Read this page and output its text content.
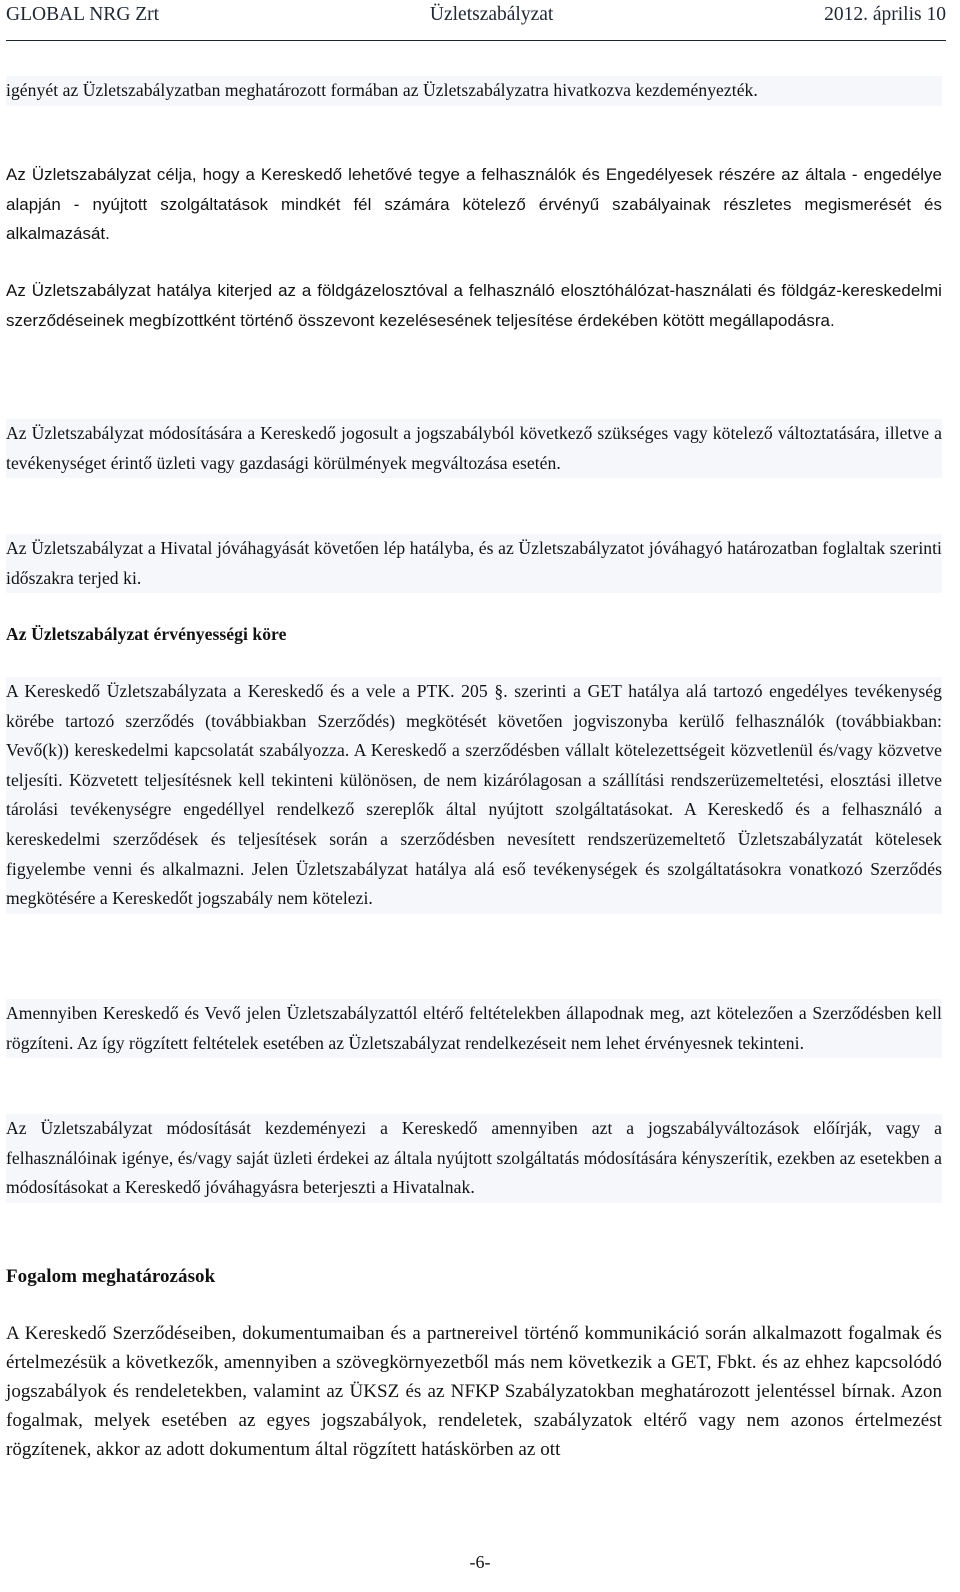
GLOBAL NRG Zrt	Üzletszabályzat	2012. április 10
igényét az Üzletszabályzatban meghatározott formában az Üzletszabályzatra hivatkozva kezdeményezték.
Az Üzletszabályzat célja, hogy a Kereskedő lehetővé tegye a felhasználók és Engedélyesek részére az általa - engedélye alapján - nyújtott szolgáltatások mindkét fél számára kötelező érvényű szabályainak részletes megismerését és alkalmazását.
Az Üzletszabályzat hatálya kiterjed az a földgázelosztóval a felhasználó elosztóhálózat-használati és földgáz-kereskedelmi szerződéseinek megbízottként történő összevont kezelésesének teljesítése érdekében kötött megállapodásra.
Az Üzletszabályzat módosítására a Kereskedő jogosult a jogszabályból következő szükséges vagy kötelező változtatására, illetve a tevékenységet érintő üzleti vagy gazdasági körülmények megváltozása esetén.
Az Üzletszabályzat a Hivatal jóváhagyását követően lép hatályba, és az Üzletszabályzatot jóváhagyó határozatban foglaltak szerinti időszakra terjed ki.
Az Üzletszabályzat érvényességi köre
A Kereskedő Üzletszabályzata a Kereskedő és a vele a PTK. 205 §. szerinti a GET hatálya alá tartozó engedélyes tevékenység körébe tartozó szerződés (továbbiakban Szerződés) megkötését követően jogviszonyba kerülő felhasználók (továbbiakban: Vevő(k)) kereskedelmi kapcsolatát szabályozza. A Kereskedő a szerződésben vállalt kötelezettségeit közvetlenül és/vagy közvetve teljesíti. Közvetett teljesítésnek kell tekinteni különösen, de nem kizárólagosan a szállítási rendszerüzemeltetési, elosztási illetve tárolási tevékenységre engedéllyel rendelkező szereplők által nyújtott szolgáltatásokat. A Kereskedő és a felhasználó a kereskedelmi szerződések és teljesítések során a szerződésben nevesített rendszerüzemeltető Üzletszabályzatát kötelesek figyelembe venni és alkalmazni. Jelen Üzletszabályzat hatálya alá eső tevékenységek és szolgáltatásokra vonatkozó Szerződés megkötésére a Kereskedőt jogszabály nem kötelezi.
Amennyiben Kereskedő és Vevő jelen Üzletszabályzattól eltérő feltételekben állapodnak meg, azt kötelezően a Szerződésben kell rögzíteni. Az így rögzített feltételek esetében az Üzletszabályzat rendelkezéseit nem lehet érvényesnek tekinteni.
Az Üzletszabályzat módosítását kezdeményezi a Kereskedő amennyiben azt a jogszabályváltozások előírják, vagy a felhasználóinak igénye, és/vagy saját üzleti érdekei az általa nyújtott szolgáltatás módosítására kényszerítik, ezekben az esetekben a módosításokat a Kereskedő jóváhagyásra beterjeszti a Hivatalnak.
Fogalom meghatározások
A Kereskedő Szerződéseiben, dokumentumaiban és a partnereivel történő kommunikáció során alkalmazott fogalmak és értelmezésük a következők, amennyiben a szövegkörnyezetből más nem következik a GET, Fbkt. és az ehhez kapcsolódó jogszabályok és rendeletekben, valamint az ÜKSZ és az NFKP Szabályzatokban meghatározott jelentéssel bírnak. Azon fogalmak, melyek esetében az egyes jogszabályok, rendeletek, szabályzatok eltérő vagy nem azonos értelmezést rögzítenek, akkor az adott dokumentum által rögzített hatáskörben az ott
-6-
